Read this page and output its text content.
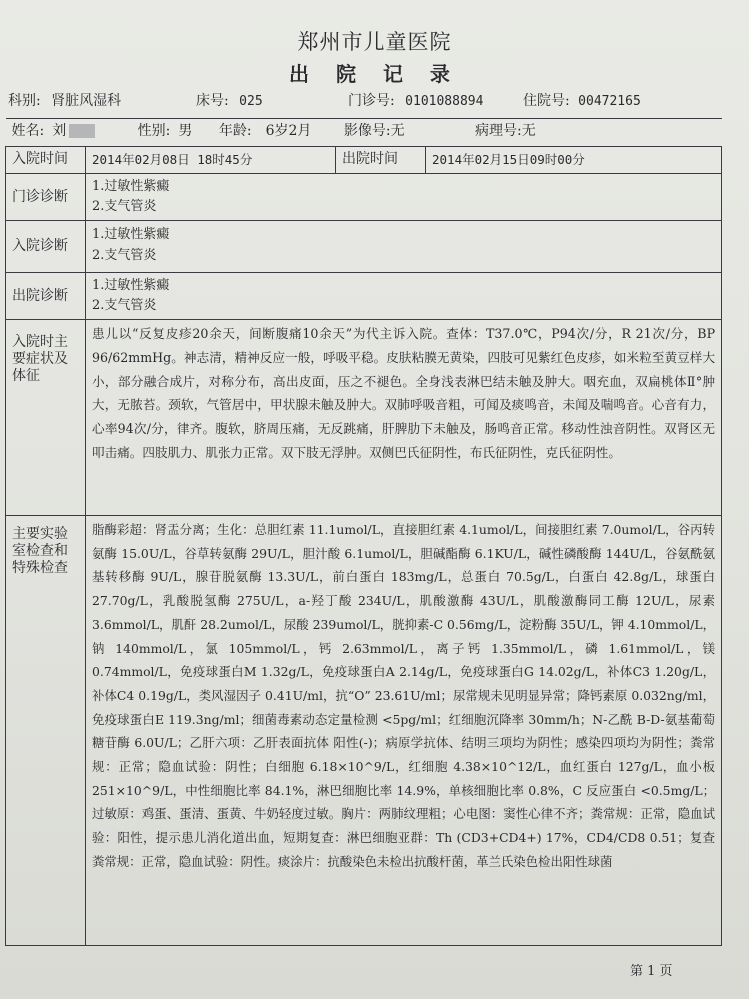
郑州市儿童医院
出 院 记 录
科别: 肾脏风湿科	床号: 025	门诊号: 0101088894	住院号: 00472165
姓名: 刘 性别: 男 年龄: 6岁2月 影像号:无 病理号:无			
入院时间	2014年02月08日 18时45分	出院时间	2014年02月15日09时00分
门诊诊断	1.过敏性紫癜
2.支气管炎		

入院诊断	1.过敏性紫癜
2.支气管炎		

出院诊断	1.过敏性紫癜
2.支气管炎		

入院时主要症状及体征	患儿以“反复皮疹20余天，间断腹痛10余天”为代主诉入院。查体：T37.0℃，P94次/分，R 21次/分，BP 96/62mmHg。神志清，精神反应一般，呼吸平稳。皮肤粘膜无黄染，四肢可见紫红色皮疹，如米粒至黄豆样大小，部分融合成片，对称分布，高出皮面，压之不褪色。全身浅表淋巴结未触及肿大。咽充血，双扁桃体Ⅱ°肿大，无脓苔。颈软，气管居中，甲状腺未触及肿大。双肺呼吸音粗，可闻及痰鸣音，未闻及喘鸣音。心音有力，心率94次/分，律齐。腹软，脐周压痛，无反跳痛，肝脾肋下未触及，肠鸣音正常。移动性浊音阴性。双肾区无叩击痛。四肢肌力、肌张力正常。双下肢无浮肿。双侧巴氏征阴性，布氏征阴性，克氏征阴性。		
主要实验室检查和特殊检查	脂酶彩超：肾盂分离；生化：总胆红素 11.1umol/L，直接胆红素 4.1umol/L，间接胆红素 7.0umol/L，谷丙转氨酶 15.0U/L，谷草转氨酶 29U/L，胆汁酸 6.1umol/L，胆碱酯酶 6.1KU/L，碱性磷酸酶 144U/L，谷氨酰氨基转移酶 9U/L，腺苷脱氨酶 13.3U/L，前白蛋白 183mg/L，总蛋白 70.5g/L，白蛋白 42.8g/L，球蛋白 27.70g/L，乳酸脱氢酶 275U/L，a-羟丁酸 234U/L，肌酸激酶 43U/L，肌酸激酶同工酶 12U/L，尿素 3.6mmol/L，肌酐 28.2umol/L，尿酸 239umol/L，胱抑素-C 0.56mg/L，淀粉酶 35U/L，钾 4.10mmol/L，钠 140mmol/L，氯 105mmol/L，钙 2.63mmol/L，离子钙 1.35mmol/L，磷 1.61mmol/L，镁 0.74mmol/L，免疫球蛋白M 1.32g/L，免疫球蛋白A 2.14g/L，免疫球蛋白G 14.02g/L，补体C3 1.20g/L，补体C4 0.19g/L，类风湿因子 0.41U/ml，抗“O” 23.61U/ml；尿常规未见明显异常；降钙素原 0.032ng/ml，免疫球蛋白E 119.3ng/ml；细菌毒素动态定量检测 <5pg/ml；红细胞沉降率 30mm/h；N-乙酰 B-D-氨基葡萄糖苷酶 6.0U/L；乙肝六项：乙肝表面抗体 阳性(-)；病原学抗体、结明三项均为阴性；感染四项均为阴性；粪常规：正常；隐血试验：阴性；白细胞 6.18×10^9/L，红细胞 4.38×10^12/L，血红蛋白 127g/L，血小板 251×10^9/L，中性细胞比率 84.1%，淋巴细胞比率 14.9%，单核细胞比率 0.8%，C 反应蛋白 <0.5mg/L；过敏原：鸡蛋、蛋清、蛋黄、牛奶轻度过敏。胸片：两肺纹理粗；心电图：窦性心律不齐；粪常规：正常，隐血试验：阳性，提示患儿消化道出血，短期复查：淋巴细胞亚群：Th (CD3+CD4+) 17%，CD4/CD8 0.51；复查粪常规：正常，隐血试验：阴性。痰涂片：抗酸染色未检出抗酸杆菌，革兰氏染色检出阳性球菌		
第 1 页
